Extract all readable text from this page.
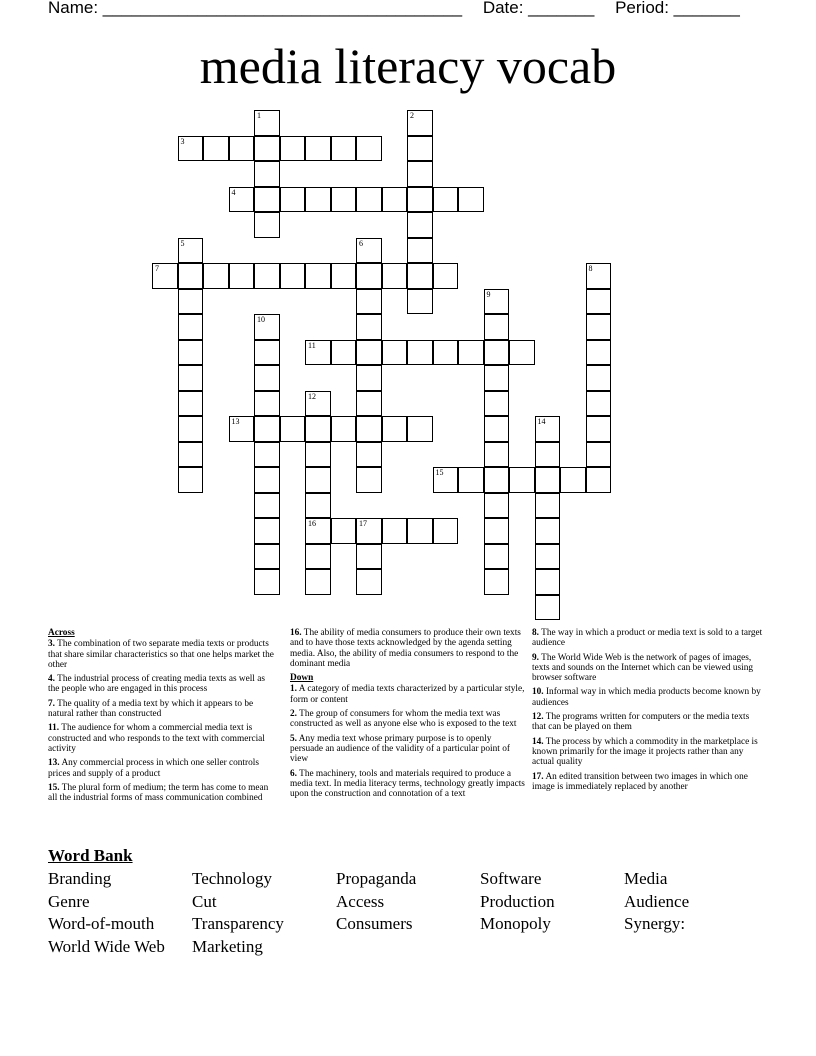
Name: ______________________________________ Date: _______ Period: _______
media literacy vocab
1	2
3
4
5	6
7	8
9
10
11
12
16
13	14
15
17
Across
3. The combination of two separate media texts or products that share similar characteristics so that one helps market the other
4. The industrial process of creating media texts as well as the people who are engaged in this process
7. The quality of a media text by which it appears to be natural rather than constructed
11. The audience for whom a commercial media text is constructed and who responds to the text with commercial activity
13. Any commercial process in which one seller controls prices and supply of a product
15. The plural form of medium; the term has come to mean all the industrial forms of mass communication combined
16. The ability of media consumers to produce their own texts and to have those texts acknowledged by the agenda setting media. Also, the ability of media consumers to respond to the dominant media
Down
1. A category of media texts characterized by a particular style, form or content
2. The group of consumers for whom the media text was constructed as well as anyone else who is exposed to the text
5. Any media text whose primary purpose is to openly persuade an audience of the validity of a particular point of view
6. The machinery, tools and materials required to produce a media text. In media literacy terms, technology greatly impacts upon the construction and connotation of a text
8. The way in which a product or media text is sold to a target audience
9. The World Wide Web is the network of pages of images, texts and sounds on the Internet which can be viewed using browser software
10. Informal way in which media products become known by audiences
12. The programs written for computers or the media texts that can be played on them
14. The process by which a commodity in the marketplace is known primarily for the image it projects rather than any actual quality
17. An edited transition between two images in which one image is immediately replaced by another
Word Bank
Branding	Technology	Propaganda	Software	Media
Genre	Cut	Access	Production	Audience
Word-of-mouth	Transparency	Consumers	Monopoly	Synergy:
World Wide Web	Marketing
